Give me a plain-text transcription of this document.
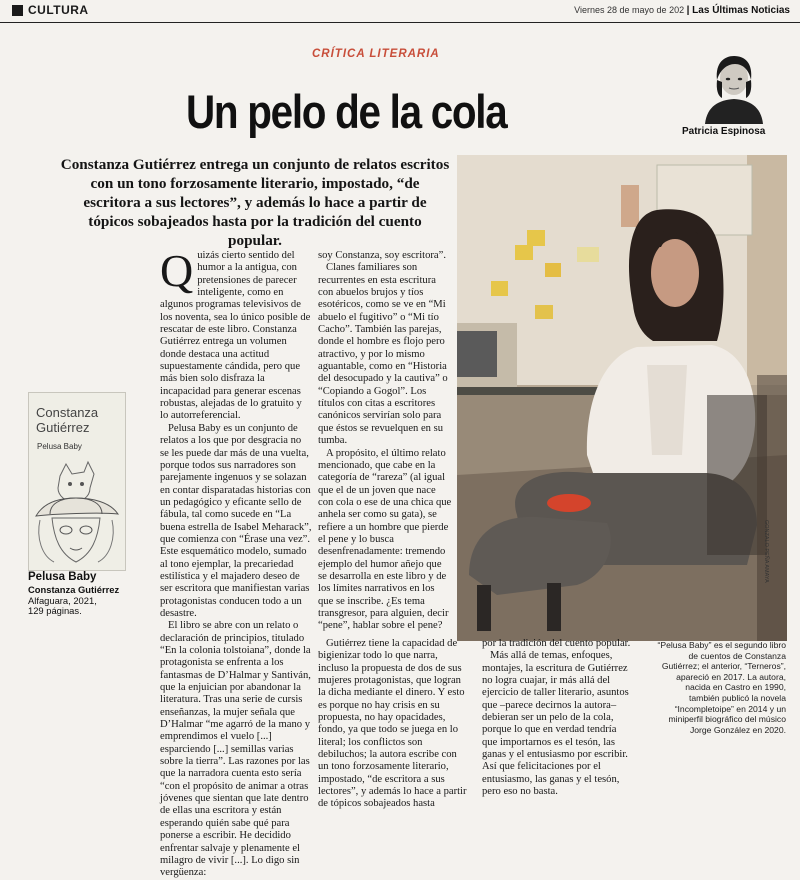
CULTURA	Viernes 28 de mayo de 202 | Las Últimas Noticias
CRÍTICA LITERARIA
Un pelo de la cola	Patricia Espinosa
Constanza Gutiérrez entrega un conjunto de relatos escritos con un tono forzosamente literario, impostado, “de escritora a sus lectores”, y además lo hace a partir de tópicos sobajeados hasta por la tradición del cuento popular.
GONZALO PEÑA AMAYA
Constanza Gutiérrez
Pelusa Baby
Pelusa Baby
Constanza Gutiérrez
Alfaguara, 2021,
129 páginas.

Quizás cierto sentido del humor a la antigua, con pretensiones de parecer inteligente, como en algunos programas televisivos de los noventa, sea lo único posible de rescatar de este libro. Constanza Gutiérrez entrega un volumen donde destaca una actitud supuestamente cándida, pero que más bien solo disfraza la incapacidad para generar escenas robustas, alejadas de lo gratuito y lo autorreferencial.

Pelusa Baby es un conjunto de relatos a los que por desgracia no se les puede dar más de una vuelta, porque todos sus narradores son parejamente ingenuos y se solazan en contar disparatadas historias con un pedagógico y eficante sello de fábula, tal como sucede en “La buena estrella de Isabel Meharack”, que comienza con “Érase una vez”. Este esquemático modelo, sumado al tono ejemplar, la precariedad estilística y el majadero deseo de ser escritora que manifiestan varias protagonistas conducen todo a un desastre.

El libro se abre con un relato o declaración de principios, titulado “En la colonia tolstoiana”, donde la protagonista se enfrenta a los fantasmas de D’Halmar y Santiván, que la enjuician por abandonar la literatura. Tras una serie de cursis enseñanzas, la mujer señala que D’Halmar “me agarró de la mano y emprendimos el vuelo [...] esparciendo [...] semillas varias sobre la tierra”. Las razones por las que la narradora cuenta esto sería “con el propósito de animar a otras jóvenes que sientan que late dentro de ellas una escritora y están esperando quién sabe qué para ponerse a escribir. He decidido enfrentar salvaje y plenamente el milagro de vivir [...]. Lo digo sin vergüenza:

soy Constanza, soy escritora”.

Clanes familiares son recurrentes en esta escritura con abuelos brujos y tíos esotéricos, como se ve en “Mi abuelo el fugitivo” o “Mi tío Cacho”. También las parejas, donde el hombre es flojo pero atractivo, y por lo mismo aguantable, como en “Historia del desocupado y la cautiva” o “Copiando a Gogol”. Los títulos con citas a escritores canónicos servirían solo para que éstos se revuelquen en su tumba.

A propósito, el último relato mencionado, que cabe en la categoría de “rareza” (al igual que el de un joven que nace con cola o ese de una chica que anhela ser como su gata), se refiere a un hombre que pierde el pene y lo busca desenfrenadamente: tremendo ejemplo del humor añejo que se desarrolla en este libro y de los límites narrativos en los que se inscribe. ¿Es tema transgresor, para alguien, decir “pene”, hablar sobre el pene?

Gutiérrez tiene la capacidad de bigienizar todo lo que narra, incluso la propuesta de dos de sus mujeres protagonistas, que logran la dicha mediante el dinero. Y esto es porque no hay crisis en su propuesta, no hay opacidades, fondo, ya que todo se juega en lo literal; los conflictos son debiluchos; la autora escribe con un tono forzosamente literario, impostado, “de escritora a sus lectores”, y además lo hace a partir de tópicos sobajeados hasta

por la tradición del cuento popular.

Más allá de temas, enfoques, montajes, la escritura de Gutiérrez no logra cuajar, ir más allá del ejercicio de taller literario, asuntos que –parece decirnos la autora– debieran ser un pelo de la cola, porque lo que en verdad tendría que importarnos es el tesón, las ganas y el entusiasmo por escribir. Así que felicitaciones por el entusiasmo, las ganas y el tesón, pero eso no basta.

“Pelusa Baby” es el segundo libro de cuentos de Constanza Gutiérrez; el anterior, “Terneros”, apareció en 2017. La autora, nacida en Castro en 1990, también publicó la novela “Incompletoipe” en 2014 y un miniperfil biográfico del músico Jorge González en 2020.
